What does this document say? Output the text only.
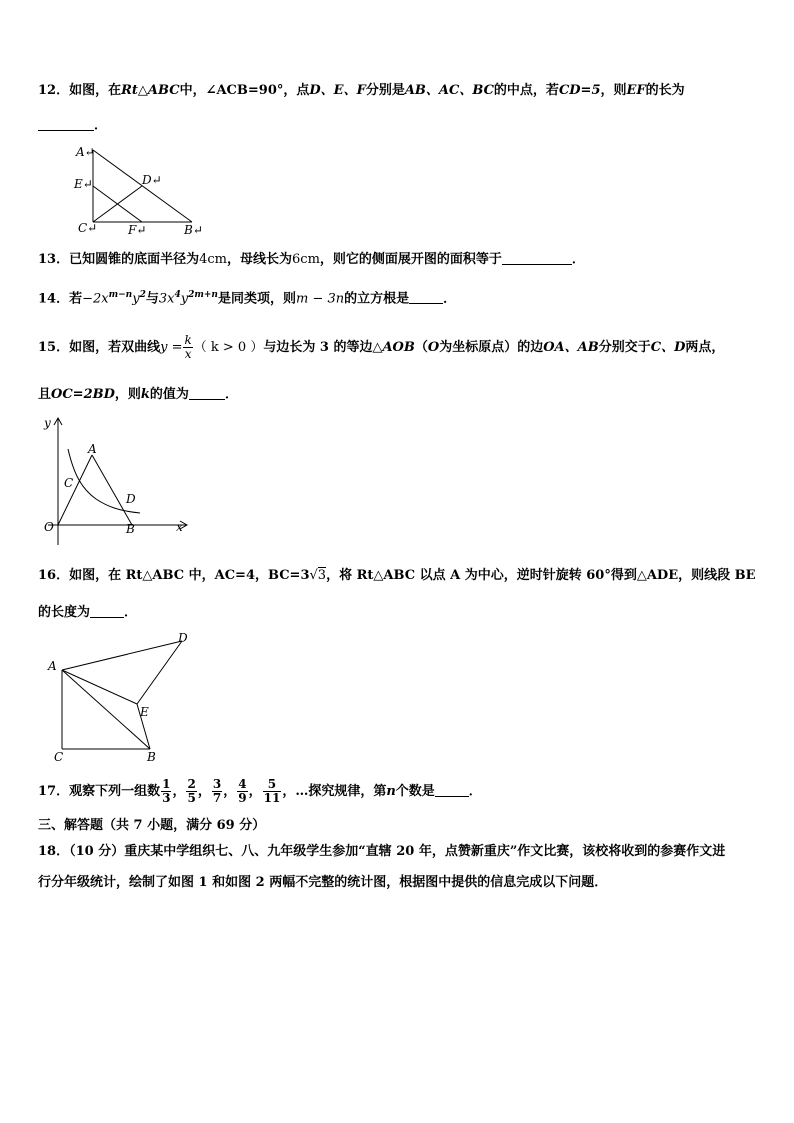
12．如图，在Rt△ABC中，∠ACB=90°，点D、E、F分别是AB、AC、BC的中点，若CD=5，则EF的长为
．
A↵
E↵	D↵
C↵	F↵	B↵
13．已知圆锥的底面半径为4cm，母线长为6cm，则它的侧面展开图的面积等于	．
14．若$-2x^{m-n}y^2$与$3x^4y^{2m+n}$是同类项，则m − 3n的立方根是	．
15．如图，若双曲线$y = \frac{k}{x}$ （ k > 0 ）与边长为 3 的等边△AOB（O为坐标原点）的边OA、AB分别交于C、D两点，
且OC=2BD，则k的值为	．
y
A
C
D
O	B	x
16．如图，在 Rt△ABC 中，AC=4，BC=3√3，将 Rt△ABC 以点 A 为中心，逆时针旋转 60°得到△ADE，则线段 BE
的长度为	．
A
D
E
C	B
17．观察下列一组数 $\frac{1}{3}$ ， $\frac{2}{5}$ ， $\frac{3}{7}$ ， $\frac{4}{9}$ ， $\frac{5}{11}$ ，…探究规律，第n个数是	．
三、解答题（共 7 小题，满分 69 分）
18．（10 分）重庆某中学组织七、八、九年级学生参加“直辖 20 年，点赞新重庆”作文比赛，该校将收到的参赛作文进
行分年级统计，绘制了如图 1 和如图 2 两幅不完整的统计图，根据图中提供的信息完成以下问题．
